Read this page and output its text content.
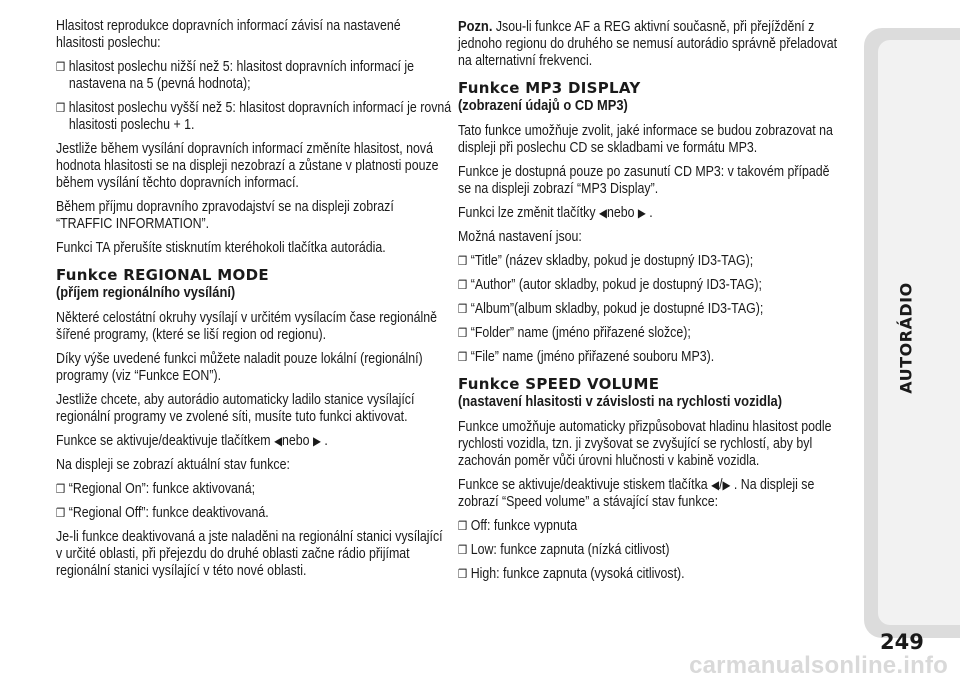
Hlasitost reprodukce dopravních informací závisí na nastavené hlasitosti poslechu:

❒ hlasitost poslechu nižší než 5: hlasitost dopravních informací je nastavena na 5 (pevná hodnota);

❒ hlasitost poslechu vyšší než 5: hlasitost dopravních informací je rovná hlasitosti poslechu + 1.

Jestliže během vysílání dopravních informací změníte hlasitost, nová hodnota hlasitosti se na displeji nezobrazí a zůstane v platnosti pouze během vysílání těchto dopravních informací.

Během příjmu dopravního zpravodajství se na displeji zobrazí “TRAFFIC INFORMATION”.

Funkci TA přerušíte stisknutím kteréhokoli tlačítka autorádia.

Funkce REGIONAL MODE
(příjem regionálního vysílání)

Některé celostátní okruhy vysílají v určitém vysílacím čase regionálně šířené programy, (které se liší region od regionu).

Díky výše uvedené funkci můžete naladit pouze lokální (regionální) programy (viz “Funkce EON”).

Jestliže chcete, aby autorádio automaticky ladilo stanice vysílající regionální programy ve zvolené síti, musíte tuto funkci aktivovat.

Funkce se aktivuje/deaktivuje tlačítkem ◀nebo ▶ .

Na displeji se zobrazí aktuální stav funkce:

❒ “Regional On”: funkce aktivovaná;

❒ “Regional Off”: funkce deaktivovaná.

Je-li funkce deaktivovaná a jste naladěni na regionální stanici vysílající v určité oblasti, při přejezdu do druhé oblasti začne rádio přijímat regionální stanici vysílající v této nové oblasti.

Pozn. Jsou-li funkce AF a REG aktivní současně, při přejíždění z jednoho regionu do druhého se nemusí autorádio správně přeladovat na alternativní frekvenci.

Funkce MP3 DISPLAY
(zobrazení údajů o CD MP3)

Tato funkce umožňuje zvolit, jaké informace se budou zobrazovat na displeji při poslechu CD se skladbami ve formátu MP3.

Funkce je dostupná pouze po zasunutí CD MP3: v takovém případě se na displeji zobrazí “MP3 Display”.

Funkci lze změnit tlačítky ◀nebo ▶ .

Možná nastavení jsou:

❒ “Title” (název skladby, pokud je dostupný ID3-TAG);

❒ “Author” (autor skladby, pokud je dostupný ID3-TAG);

❒ “Album”(album skladby, pokud je dostupné ID3-TAG);

❒ “Folder” name (jméno přiřazené složce);

❒ “File” name (jméno přiřazené souboru MP3).

Funkce SPEED VOLUME
(nastavení hlasitosti v závislosti na rychlosti vozidla)

Funkce umožňuje automaticky přizpůsobovat hladinu hlasitost podle rychlosti vozidla, tzn. ji zvyšovat se zvyšující se rychlostí, aby byl zachován poměr vůči úrovni hlučnosti v kabině vozidla.

Funkce se aktivuje/deaktivuje stiskem tlačítka ◀/▶ . Na displeji se zobrazí “Speed volume” a stávající stav funkce:

❒ Off: funkce vypnuta

❒ Low: funkce zapnuta (nízká citlivost)

❒ High: funkce zapnuta (vysoká citlivost).

AUTORÁDIO
249
carmanualsonline.info
